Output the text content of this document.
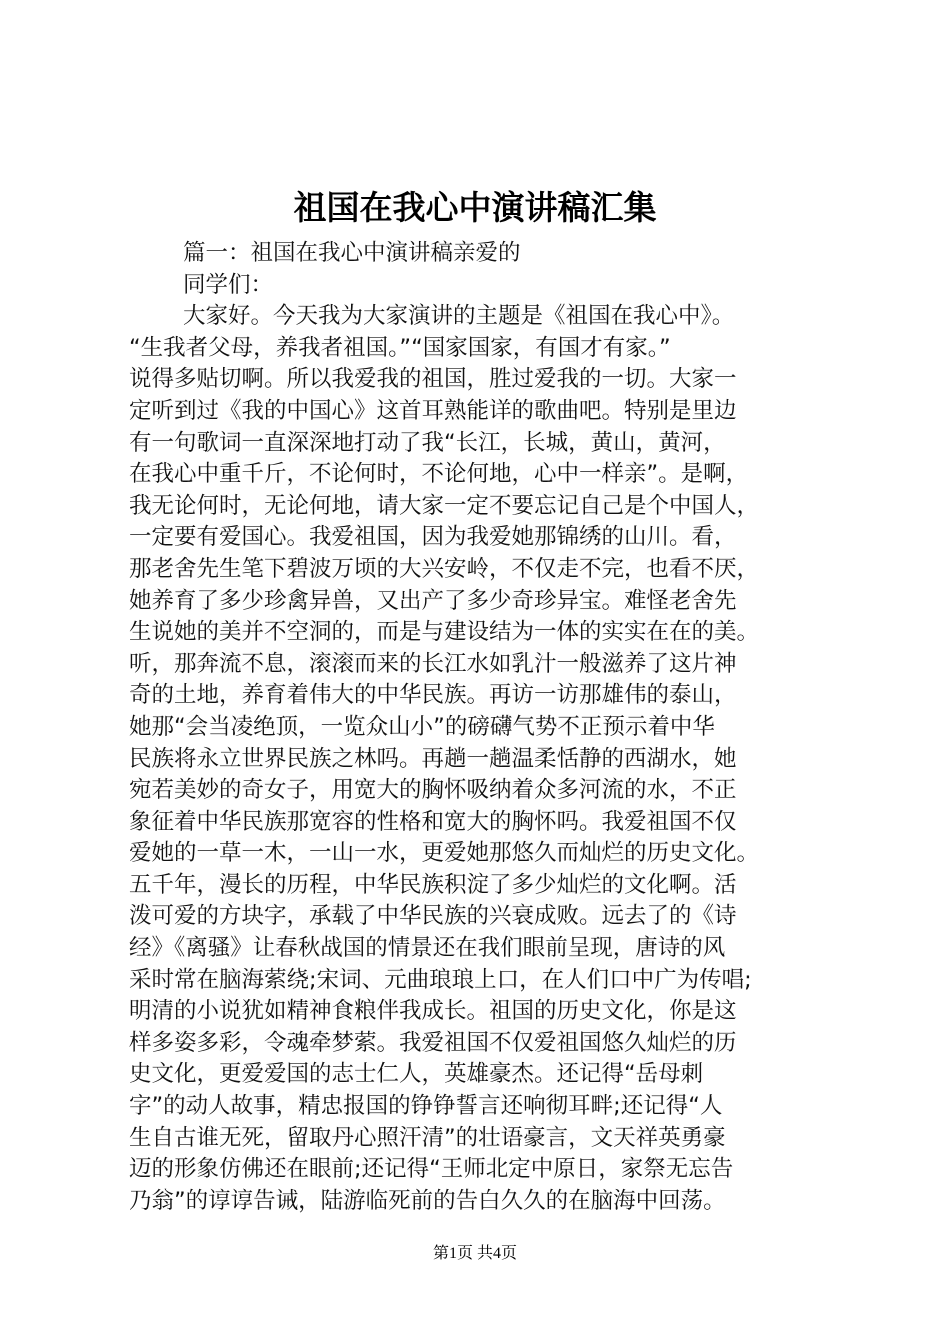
祖国在我心中演讲稿汇集
篇一：祖国在我心中演讲稿亲爱的
同学们：
大家好。今天我为大家演讲的主题是《祖国在我心中》。
“生我者父母，养我者祖国。”“国家国家，有国才有家。”
说得多贴切啊。所以我爱我的祖国，胜过爱我的一切。大家一
定听到过《我的中国心》这首耳熟能详的歌曲吧。特别是里边
有一句歌词一直深深地打动了我“长江，长城，黄山，黄河，
在我心中重千斤，不论何时，不论何地，心中一样亲”。是啊，
我无论何时，无论何地，请大家一定不要忘记自己是个中国人，
一定要有爱国心。我爱祖国，因为我爱她那锦绣的山川。看，
那老舍先生笔下碧波万顷的大兴安岭，不仅走不完，也看不厌，
她养育了多少珍禽异兽，又出产了多少奇珍异宝。难怪老舍先
生说她的美并不空洞的，而是与建设结为一体的实实在在的美。
听，那奔流不息，滚滚而来的长江水如乳汁一般滋养了这片神
奇的土地，养育着伟大的中华民族。再访一访那雄伟的泰山，
她那“会当凌绝顶，一览众山小”的磅礴气势不正预示着中华
民族将永立世界民族之林吗。再趟一趟温柔恬静的西湖水，她
宛若美妙的奇女子，用宽大的胸怀吸纳着众多河流的水，不正
象征着中华民族那宽容的性格和宽大的胸怀吗。我爱祖国不仅
爱她的一草一木，一山一水，更爱她那悠久而灿烂的历史文化。
五千年，漫长的历程，中华民族积淀了多少灿烂的文化啊。活
泼可爱的方块字，承载了中华民族的兴衰成败。远去了的《诗
经》《离骚》让春秋战国的情景还在我们眼前呈现，唐诗的风
采时常在脑海萦绕;宋词、元曲琅琅上口，在人们口中广为传唱;
明清的小说犹如精神食粮伴我成长。祖国的历史文化，你是这
样多姿多彩，令魂牵梦萦。我爱祖国不仅爱祖国悠久灿烂的历
史文化，更爱爱国的志士仁人，英雄豪杰。还记得“岳母刺
字”的动人故事，精忠报国的铮铮誓言还响彻耳畔;还记得“人
生自古谁无死，留取丹心照汗清”的壮语豪言，文天祥英勇豪
迈的形象仿佛还在眼前;还记得“王师北定中原日，家祭无忘告
乃翁”的谆谆告诫，陆游临死前的告白久久的在脑海中回荡。
第1页 共4页
